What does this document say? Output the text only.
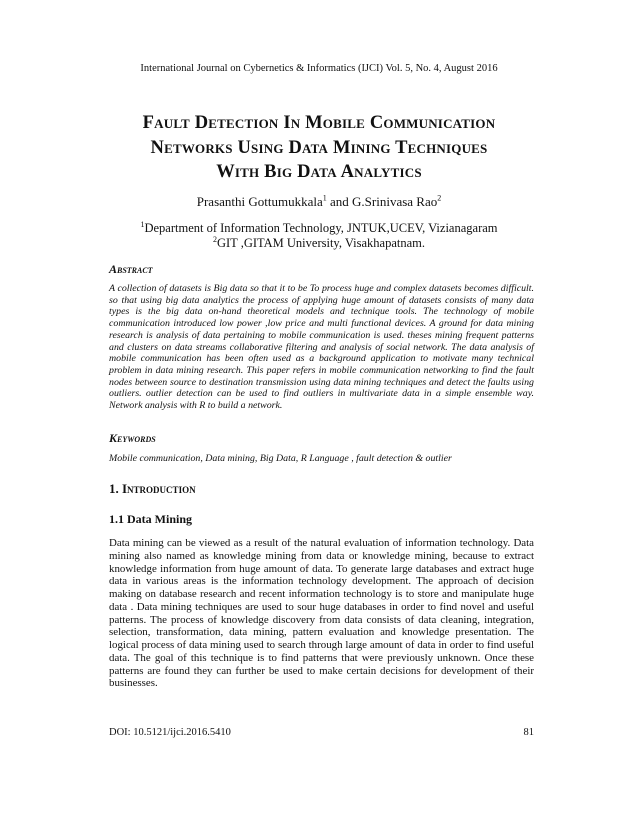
International Journal on Cybernetics & Informatics (IJCI) Vol. 5, No. 4, August 2016
Fault Detection In Mobile Communication
Networks Using Data Mining Techniques
With Big Data Analytics
Prasanthi Gottumukkala$^1$ and G.Srinivasa Rao$^2$
$^1$Department of Information Technology, JNTUK,UCEV, Vizianagaram
$^2$GIT ,GITAM University, Visakhapatnam.
Abstract

A collection of datasets is Big data so that it to be To process huge and complex datasets becomes difficult. so that using big data analytics the process of applying huge amount of datasets consists of many data types is the big data on-hand theoretical models and technique tools. The technology of mobile communication introduced low power ,low price and multi functional devices. A ground for data mining research is analysis of data pertaining to mobile communication is used. theses mining frequent patterns and clusters on data streams collaborative filtering and analysis of social network. The data analysis of mobile communication has been often used as a background application to motivate many technical problem in data mining research. This paper refers in mobile communication networking to find the fault nodes between source to destination transmission using data mining techniques and detect the faults using outliers. outlier detection can be used to find outliers in multivariate data in a simple ensemble way. Network analysis with R to build a network.

Keywords

Mobile communication, Data mining, Big Data, R Language , fault detection & outlier

1. Introduction
1.1 Data Mining

Data mining can be viewed as a result of the natural evaluation of information technology. Data mining also named as knowledge mining from data or knowledge mining, because to extract knowledge information from huge amount of data. To generate large databases and extract huge data in various areas is the information technology development. The approach of decision making on database research and recent information technology is to store and manipulate huge data . Data mining techniques are used to sour huge databases in order to find novel and useful patterns. The process of knowledge discovery from data consists of data cleaning, integration, selection, transformation, data mining, pattern evaluation and knowledge presentation. The logical process of data mining used to search through large amount of data in order to find useful data. The goal of this technique is to find patterns that were previously unknown. Once these patterns are found they can further be used to make certain decisions for development of their businesses.

DOI: 10.5121/ijci.2016.5410	81
